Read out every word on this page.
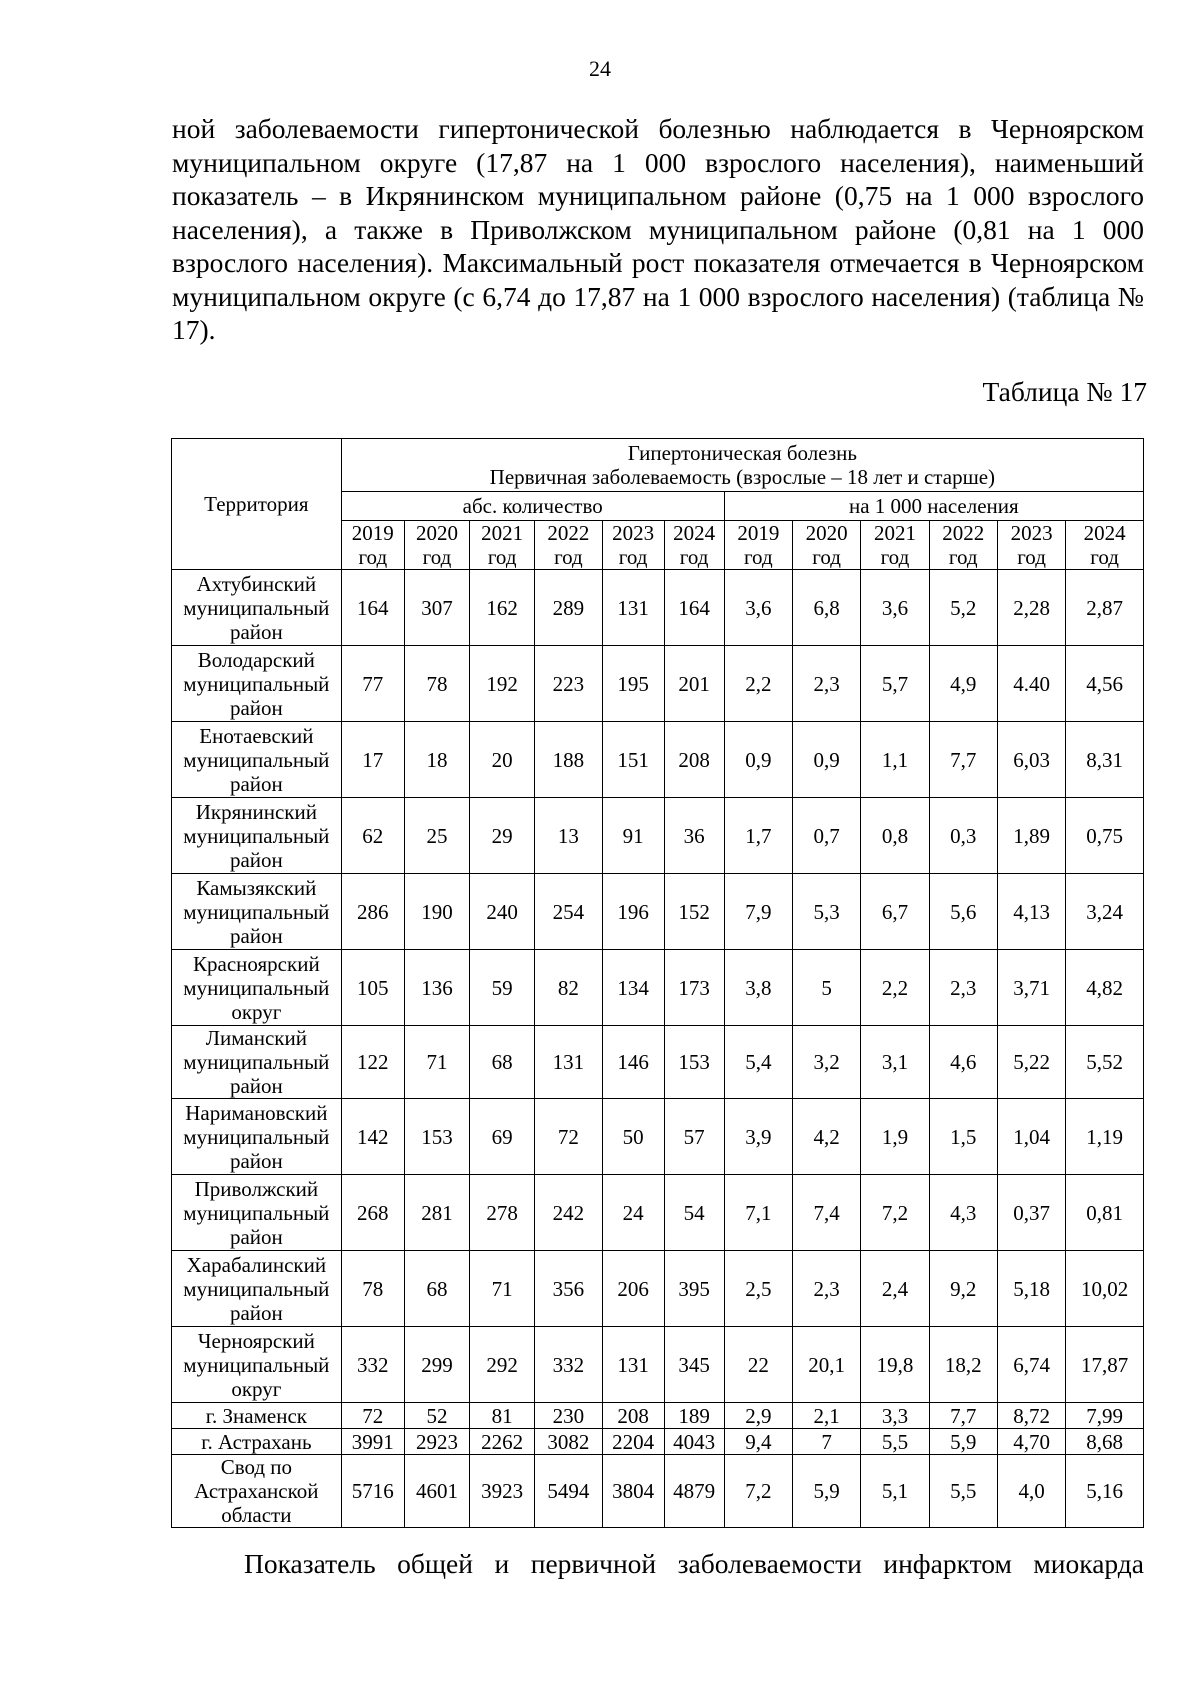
24

ной заболеваемости гипертонической болезнью наблюдается в Черноярском муниципальном округе (17,87 на 1 000 взрослого населения), наименьший показатель – в Икрянинском муниципальном районе (0,75 на 1 000 взрослого населения), а также в Приволжском муниципальном районе (0,81 на 1 000 взрослого населения). Максимальный рост показателя отмечается в Черноярском муниципальном округе (с 6,74 до 17,87 на 1 000 взрослого населения) (таблица № 17).

Таблица № 17
Территория	Гипертоническая болезнь
Первичная заболеваемость (взрослые – 18 лет и старше)											

	абс. количество						на 1 000 населения					
	2019 год	2020 год	2021 год	2022 год	2023 год	2024 год	2019 год	2020 год	2021 год	2022 год	2023 год	2024 год
Ахтубинский муниципальный район	164	307	162	289	131	164	3,6	6,8	3,6	5,2	2,28	2,87
Володарский муниципальный район	77	78	192	223	195	201	2,2	2,3	5,7	4,9	4.40	4,56
Енотаевский муниципальный район	17	18	20	188	151	208	0,9	0,9	1,1	7,7	6,03	8,31
Икрянинский муниципальный район	62	25	29	13	91	36	1,7	0,7	0,8	0,3	1,89	0,75
Камызякский муниципальный район	286	190	240	254	196	152	7,9	5,3	6,7	5,6	4,13	3,24
Красноярский муниципальный округ	105	136	59	82	134	173	3,8	5	2,2	2,3	3,71	4,82
Лиманский муниципальный район	122	71	68	131	146	153	5,4	3,2	3,1	4,6	5,22	5,52
Наримановский муниципальный район	142	153	69	72	50	57	3,9	4,2	1,9	1,5	1,04	1,19
Приволжский муниципальный район	268	281	278	242	24	54	7,1	7,4	7,2	4,3	0,37	0,81
Харабалинский муниципальный район	78	68	71	356	206	395	2,5	2,3	2,4	9,2	5,18	10,02
Черноярский муниципальный округ	332	299	292	332	131	345	22	20,1	19,8	18,2	6,74	17,87
г. Знаменск	72	52	81	230	208	189	2,9	2,1	3,3	7,7	8,72	7,99
г. Астрахань	3991	2923	2262	3082	2204	4043	9,4	7	5,5	5,9	4,70	8,68
Свод по Астраханской области	5716	4601	3923	5494	3804	4879	7,2	5,9	5,1	5,5	4,0	5,16
Показатель общей и первичной заболеваемости инфарктом миокарда
